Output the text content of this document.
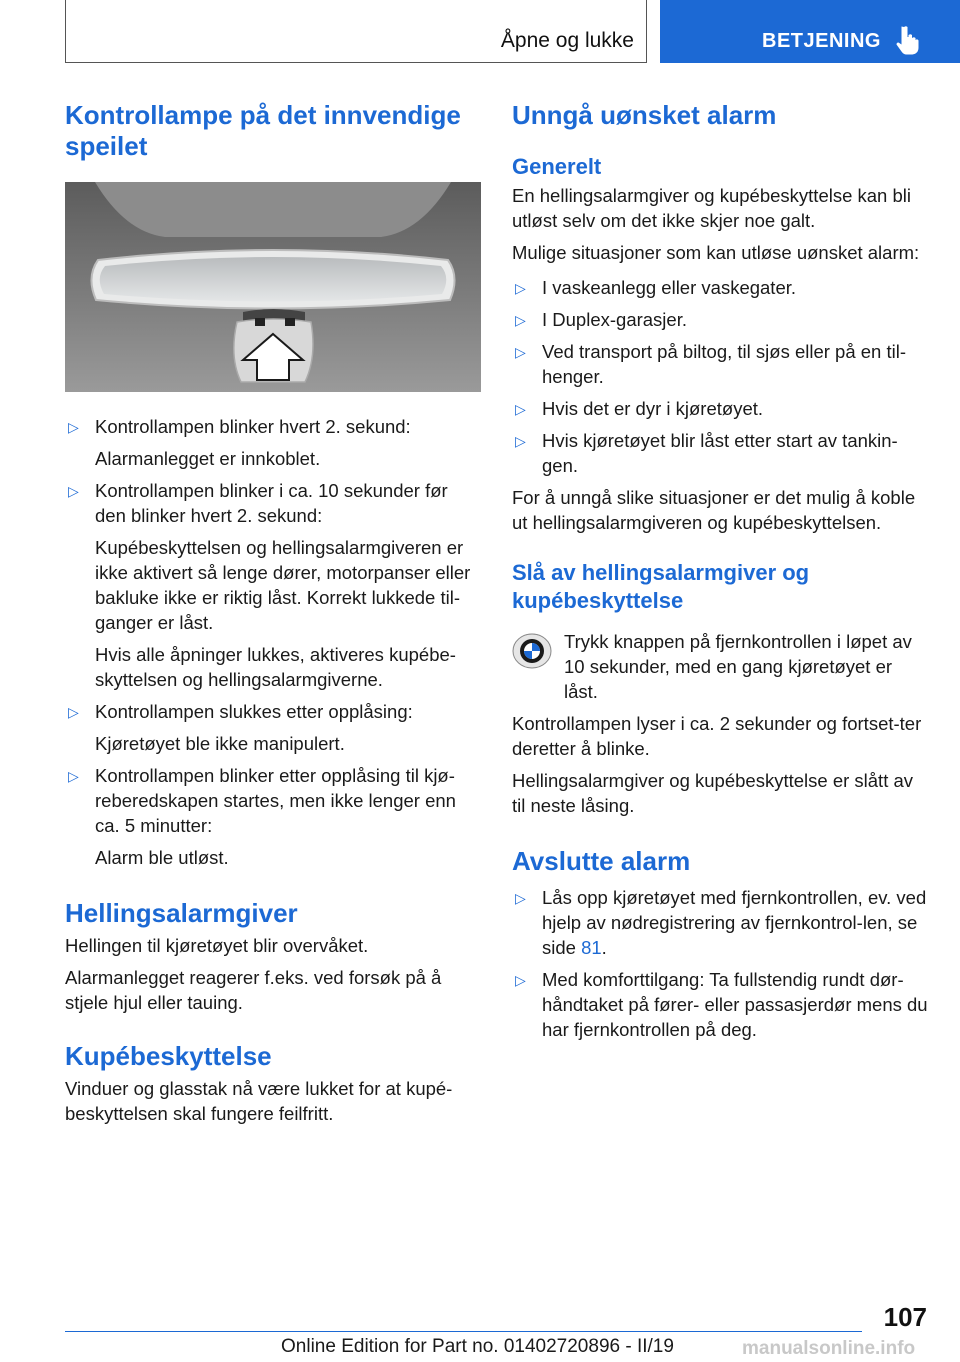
Åpne og lukke	BETJENING
Kontrollampe på det innvendige speilet
▷ Kontrollampen blinker hvert 2. sekund:

Alarmanlegget er innkoblet.

▷ Kontrollampen blinker i ca. 10 sekunder før den blinker hvert 2. sekund:

Kupébeskyttelsen og hellingsalarmgiveren er ikke aktivert så lenge dører, motorpanser eller bakluke ikke er riktig låst. Korrekt lukkede til‐ganger er låst.

Hvis alle åpninger lukkes, aktiveres kupébe‐skyttelsen og hellingsalarmgiverne.

▷ Kontrollampen slukkes etter opplåsing:

Kjøretøyet ble ikke manipulert.

▷ Kontrollampen blinker etter opplåsing til kjø‐reberedskapen startes, men ikke lenger enn ca. 5 minutter:

Alarm ble utløst.

Hellingsalarmgiver

Hellingen til kjøretøyet blir overvåket.

Alarmanlegget reagerer f.eks. ved forsøk på å stjele hjul eller tauing.

Kupébeskyttelse

Vinduer og glasstak nå være lukket for at kupé‐beskyttelsen skal fungere feilfritt.

Unngå uønsket alarm
Generelt

En hellingsalarmgiver og kupébeskyttelse kan bli utløst selv om det ikke skjer noe galt.

Mulige situasjoner som kan utløse uønsket alarm:

▷ I vaskeanlegg eller vaskegater.

▷ I Duplex-garasjer.

▷ Ved transport på biltog, til sjøs eller på en til‐henger.

▷ Hvis det er dyr i kjøretøyet.

▷ Hvis kjøretøyet blir låst etter start av tankin‐gen.

For å unngå slike situasjoner er det mulig å koble ut hellingsalarmgiveren og kupébeskyttelsen.

Slå av hellingsalarmgiver og kupébeskyttelse

Trykk knappen på fjernkontrollen i løpet av 10 sekunder, med en gang kjøretøyet er låst.

Kontrollampen lyser i ca. 2 sekunder og fortset‐ter deretter å blinke.

Hellingsalarmgiver og kupébeskyttelse er slått av til neste låsing.

Avslutte alarm
▷ Lås opp kjøretøyet med fjernkontrollen, ev. ved hjelp av nødregistrering av fjernkontrol‐len, se side 81.

▷ Med komforttilgang: Ta fullstendig rundt dør‐håndtaket på fører- eller passasjerdør mens du har fjernkontrollen på deg.

107
Online Edition for Part no. 01402720896 - II/19	manualsonline.info
